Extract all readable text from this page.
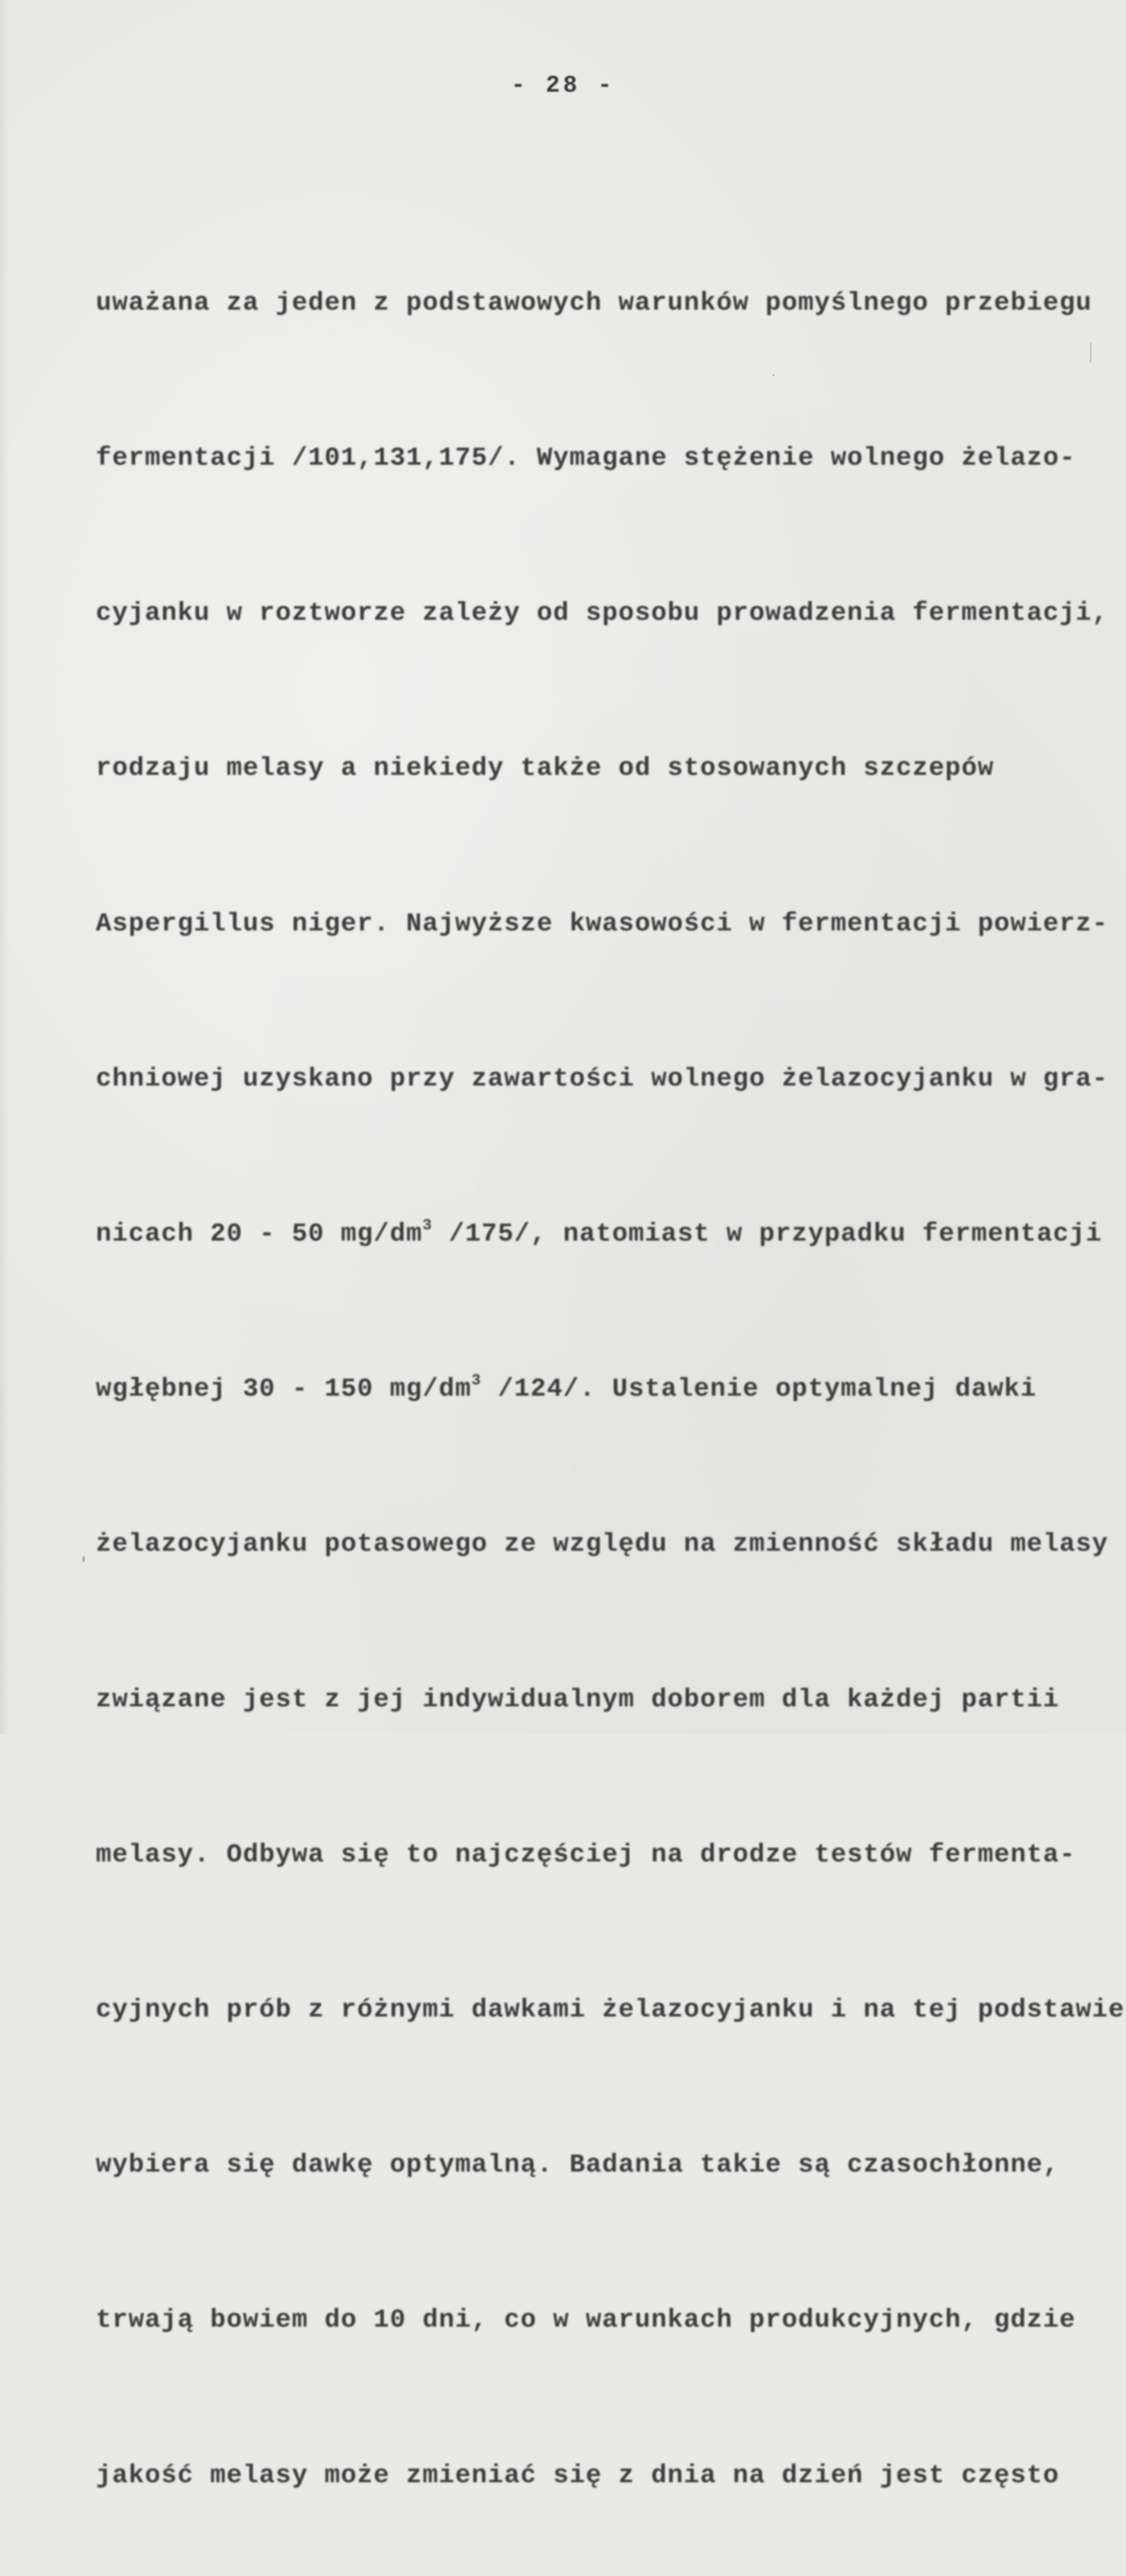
- 28 -

uważana za jeden z podstawowych warunków pomyślnego przebiegu

fermentacji /101,131,175/. Wymagane stężenie wolnego żelazo-

cyjanku w roztworze zależy od sposobu prowadzenia fermentacji,

rodzaju melasy a niekiedy także od stosowanych szczepów

Aspergillus niger. Najwyższe kwasowości w fermentacji powierz-

chniowej uzyskano przy zawartości wolnego żelazocyjanku w gra-

nicach 20 - 50 $mg/dm^3$ /175/, natomiast w przypadku fermentacji

wgłębnej 30 - 150 $mg/dm^3$ /124/. Ustalenie optymalnej dawki

żelazocyjanku potasowego ze względu na zmienność składu melasy

związane jest z jej indywidualnym doborem dla każdej partii

melasy. Odbywa się to najczęściej na drodze testów fermenta-

cyjnych prób z różnymi dawkami żelazocyjanku i na tej podstawie

wybiera się dawkę optymalną. Badania takie są czasochłonne,

trwają bowiem do 10 dni, co w warunkach produkcyjnych, gdzie

jakość melasy może zmieniać się z dnia na dzień jest często
